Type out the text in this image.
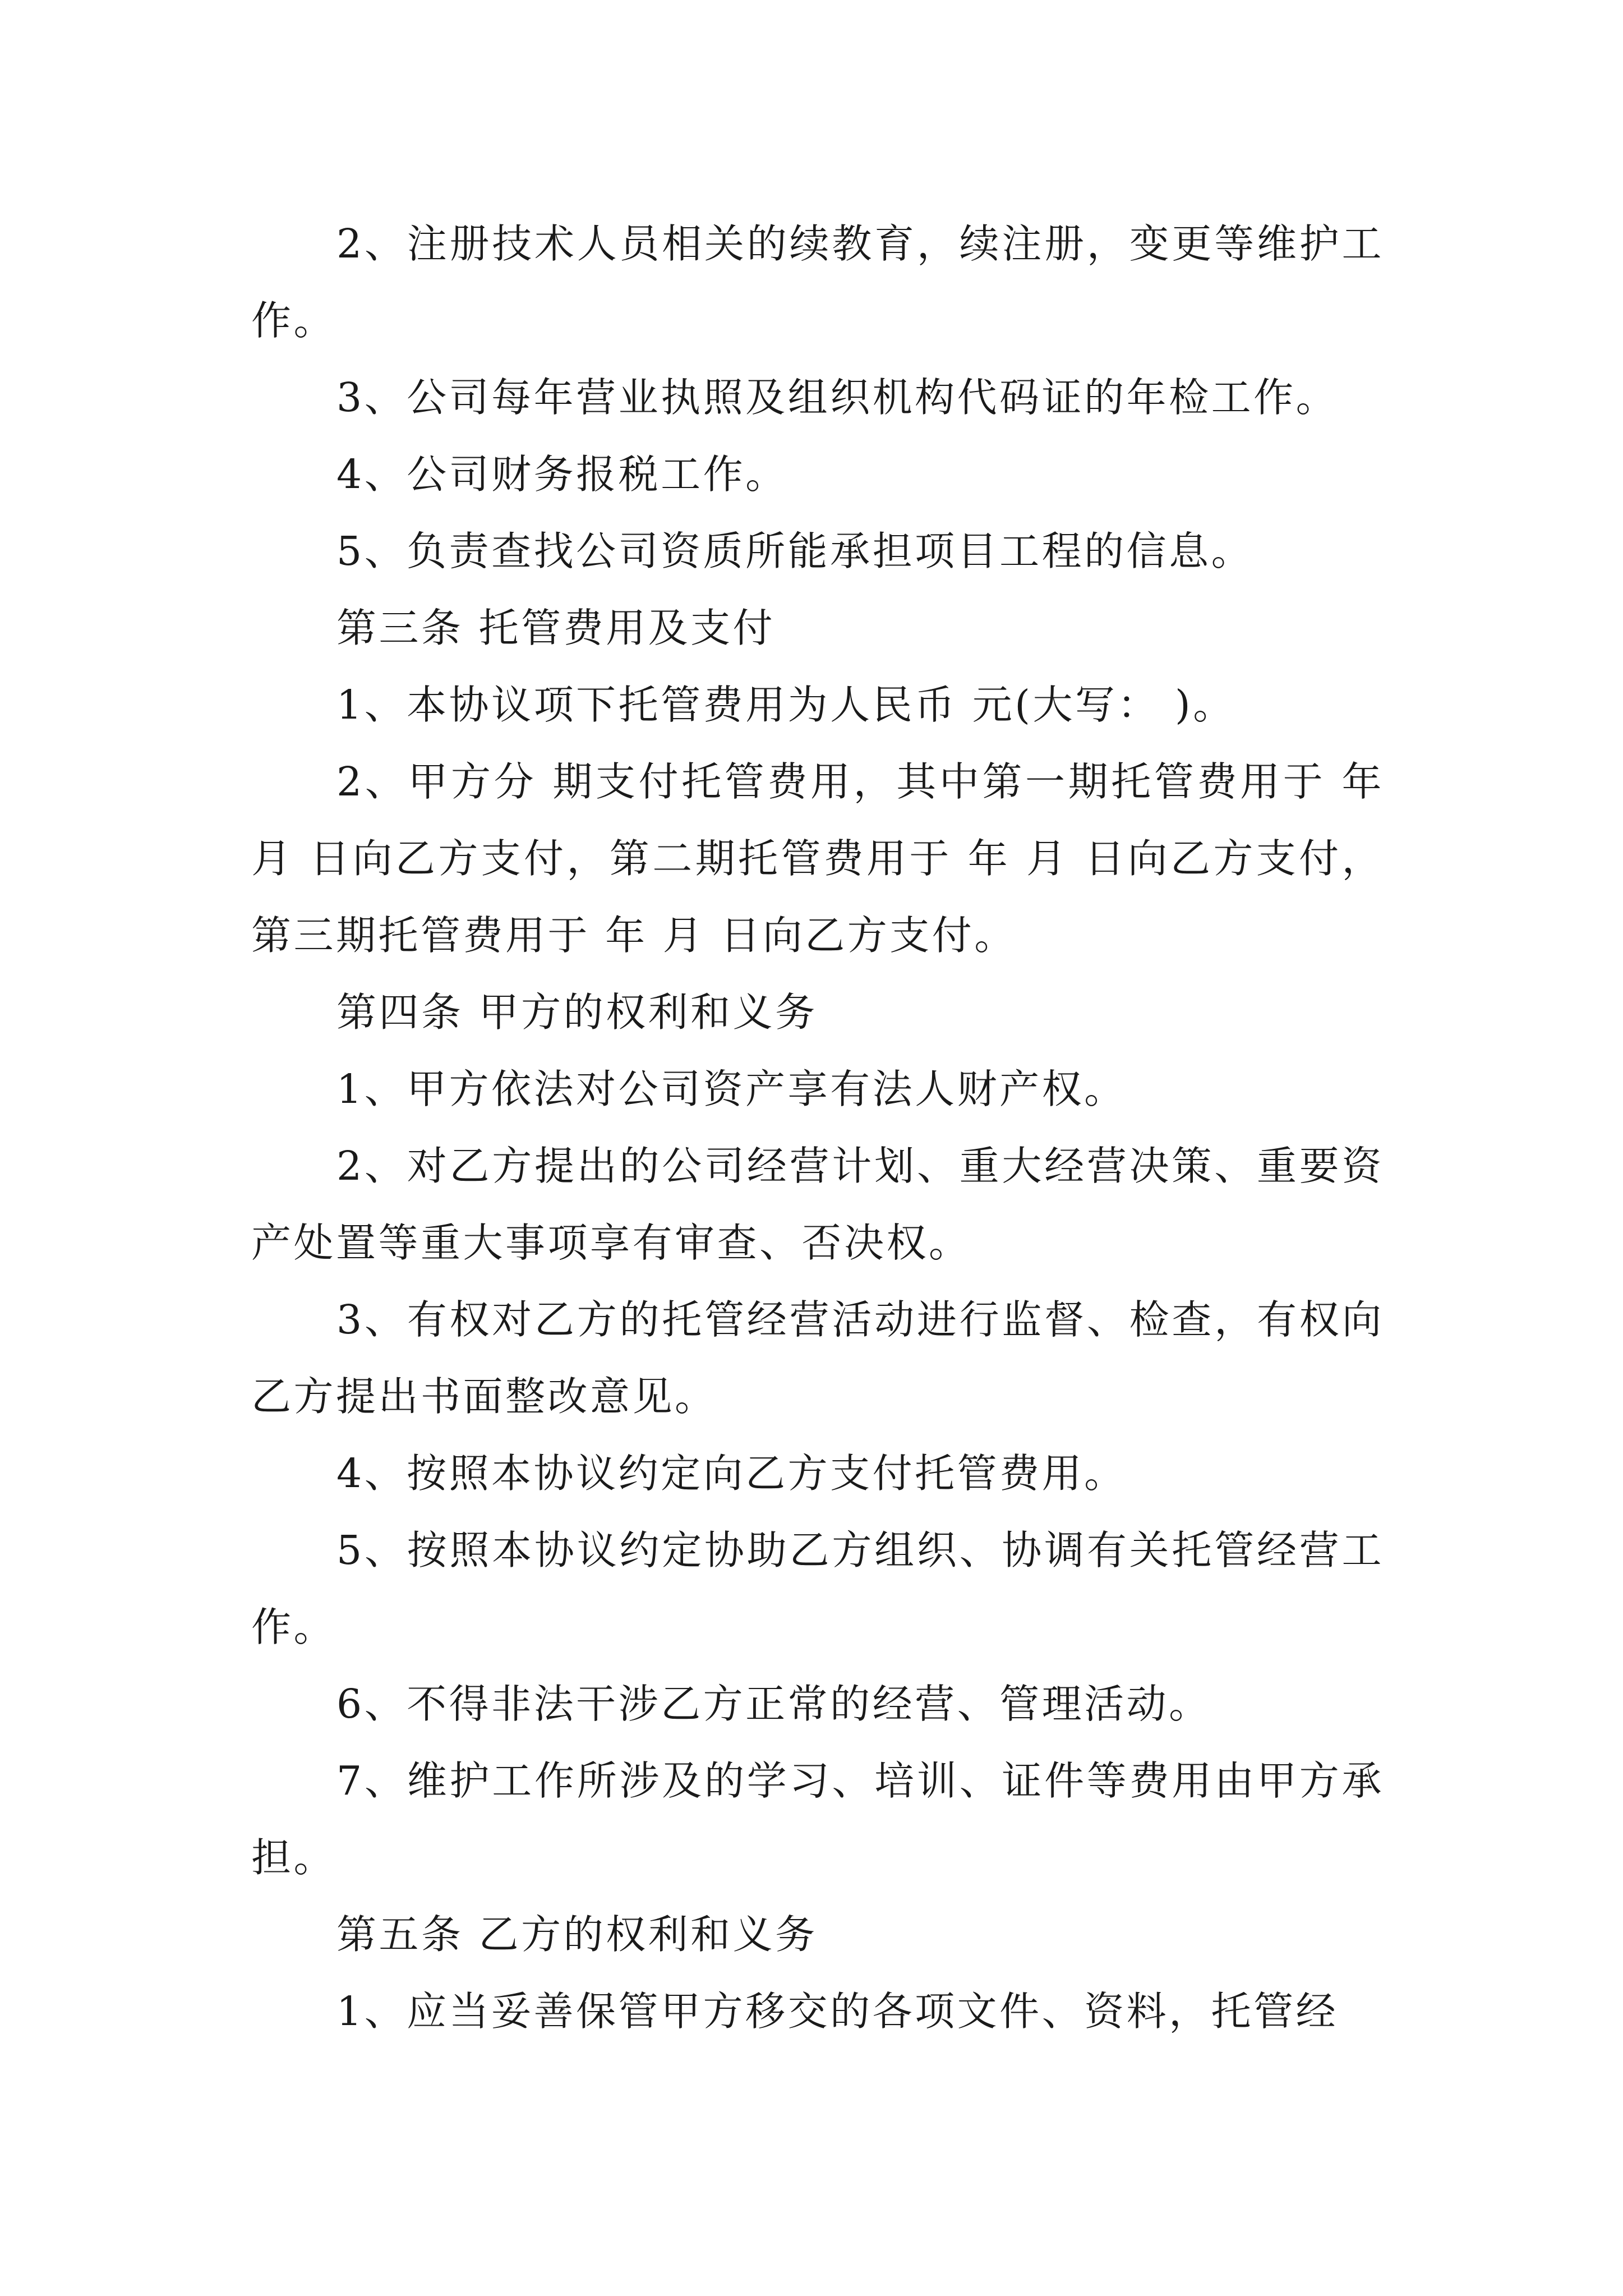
2、注册技术人员相关的续教育，续注册，变更等维护工作。

3、公司每年营业执照及组织机构代码证的年检工作。

4、公司财务报税工作。

5、负责查找公司资质所能承担项目工程的信息。

第三条 托管费用及支付

1、本协议项下托管费用为人民币 元(大写： )。

2、甲方分 期支付托管费用，其中第一期托管费用于 年 月 日向乙方支付，第二期托管费用于 年 月 日向乙方支付，第三期托管费用于 年 月 日向乙方支付。

第四条 甲方的权利和义务

1、甲方依法对公司资产享有法人财产权。

2、对乙方提出的公司经营计划、重大经营决策、重要资产处置等重大事项享有审查、否决权。

3、有权对乙方的托管经营活动进行监督、检查，有权向乙方提出书面整改意见。

4、按照本协议约定向乙方支付托管费用。

5、按照本协议约定协助乙方组织、协调有关托管经营工作。

6、不得非法干涉乙方正常的经营、管理活动。

7、维护工作所涉及的学习、培训、证件等费用由甲方承担。

第五条 乙方的权利和义务

1、应当妥善保管甲方移交的各项文件、资料，托管经
